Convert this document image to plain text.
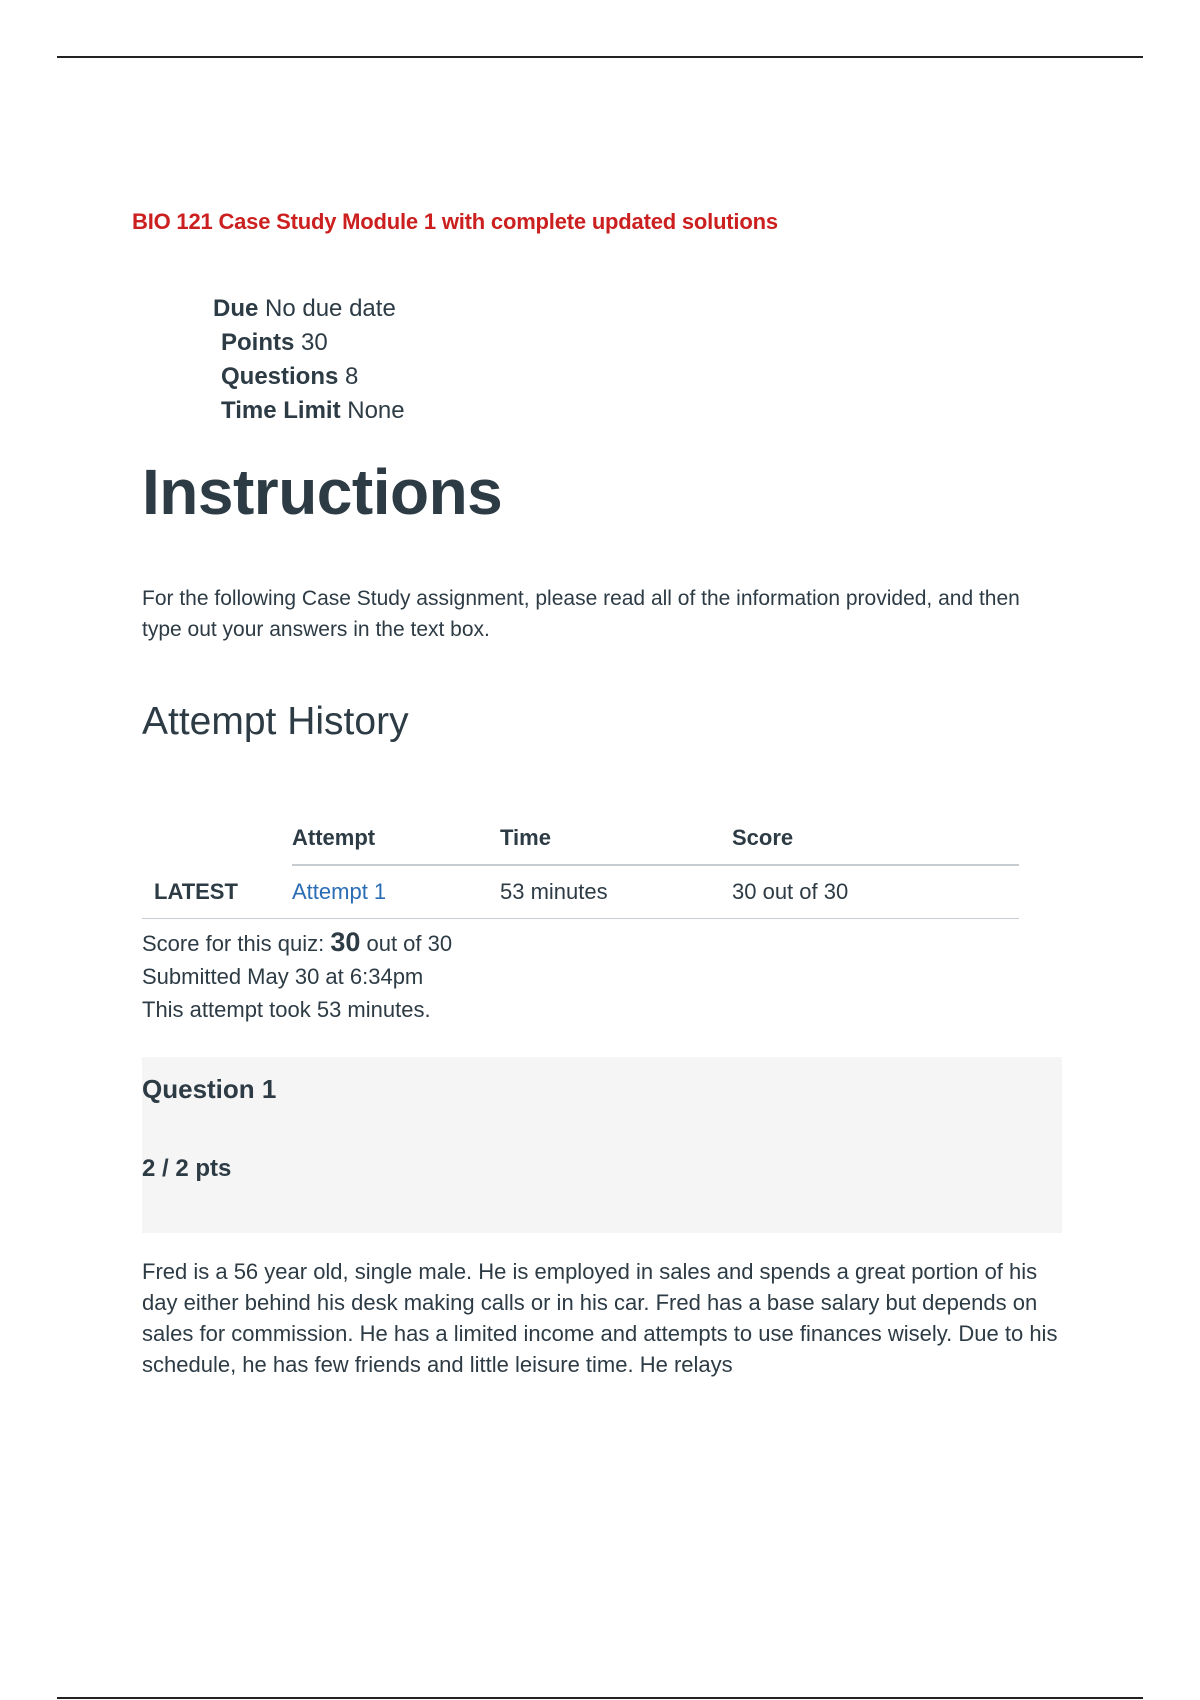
BIO 121 Case Study Module 1 with complete updated solutions
Due No due date
Points 30
Questions 8
Time Limit None
Instructions
For the following Case Study assignment, please read all of the information provided, and then type out your answers in the text box.
Attempt History
	Attempt	Time	Score
LATEST	Attempt 1	53 minutes	30 out of 30
Score for this quiz: 30 out of 30
Submitted May 30 at 6:34pm
This attempt took 53 minutes.
Question 1
2 / 2 pts
Fred is a 56 year old, single male. He is employed in sales and spends a great portion of his day either behind his desk making calls or in his car. Fred has a base salary but depends on sales for commission. He has a limited income and attempts to use finances wisely. Due to his schedule, he has few friends and little leisure time. He relays
